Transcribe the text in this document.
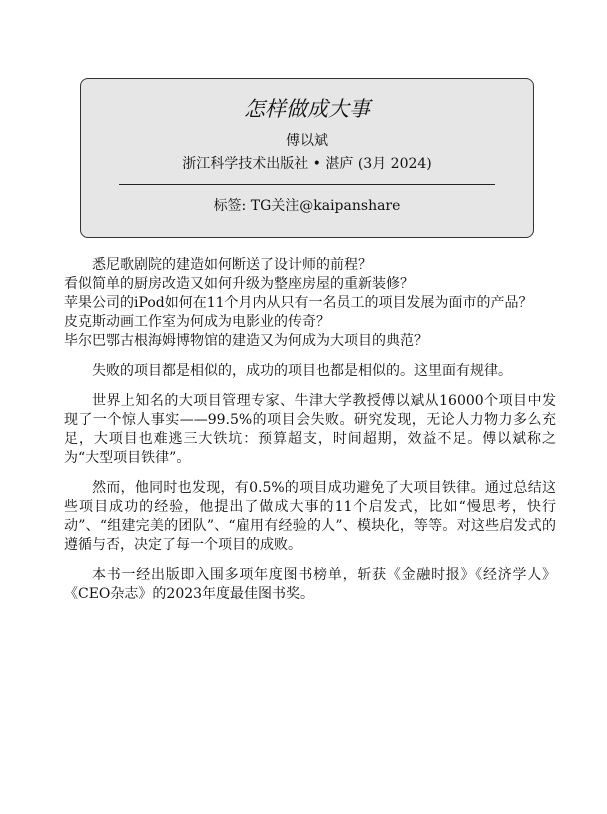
怎样做成大事
傅以斌
浙江科学技术出版社 • 湛庐 (3月 2024)
标签: TG关注@kaipanshare
悉尼歌剧院的建造如何断送了设计师的前程？
看似简单的厨房改造又如何升级为整座房屋的重新装修？
苹果公司的iPod如何在11个月内从只有一名员工的项目发展为面市的产品？
皮克斯动画工作室为何成为电影业的传奇？
毕尔巴鄂古根海姆博物馆的建造又为何成为大项目的典范？

失败的项目都是相似的，成功的项目也都是相似的。这里面有规律。

世界上知名的大项目管理专家、牛津大学教授傅以斌从16000个项目中发现了一个惊人事实——99.5%的项目会失败。研究发现，无论人力物力多么充足，大项目也难逃三大铁坑：预算超支，时间超期，效益不足。傅以斌称之为“大型项目铁律”。

然而，他同时也发现，有0.5%的项目成功避免了大项目铁律。通过总结这些项目成功的经验，他提出了做成大事的11个启发式，比如“慢思考，快行动”、“组建完美的团队”、“雇用有经验的人”、模块化，等等。对这些启发式的遵循与否，决定了每一个项目的成败。

本书一经出版即入围多项年度图书榜单，斩获《金融时报》《经济学人》《CEO杂志》的2023年度最佳图书奖。
